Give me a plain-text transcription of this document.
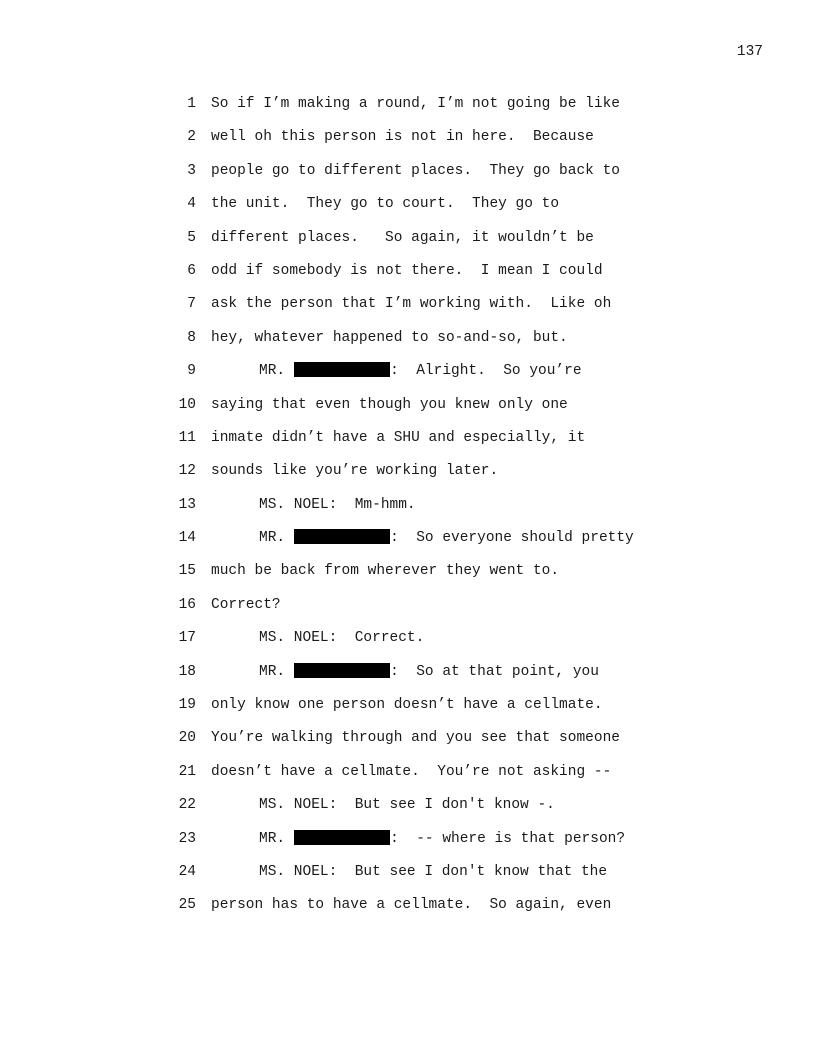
137
1 So if I’m making a round, I’m not going be like
2 well oh this person is not in here.  Because
3 people go to different places.  They go back to
4 the unit.  They go to court.  They go to
5 different places.   So again, it wouldn’t be
6 odd if somebody is not there.  I mean I could
7 ask the person that I’m working with.  Like oh
8 hey, whatever happened to so-and-so, but.
9	MR.	:  Alright.  So you’re
10 saying that even though you knew only one
11 inmate didn’t have a SHU and especially, it
12 sounds like you’re working later.
13	MS. NOEL:  Mm-hmm.
14	MR.	:  So everyone should pretty
15 much be back from wherever they went to.
16 Correct?
17	MS. NOEL:  Correct.
18	MR.	:  So at that point, you
19 only know one person doesn’t have a cellmate.
20 You’re walking through and you see that someone
21 doesn’t have a cellmate.  You’re not asking --
22	MS. NOEL:  But see I don't know -.
23	MR.	:  -- where is that person?
24	MS. NOEL:  But see I don't know that the
25 person has to have a cellmate.  So again, even
